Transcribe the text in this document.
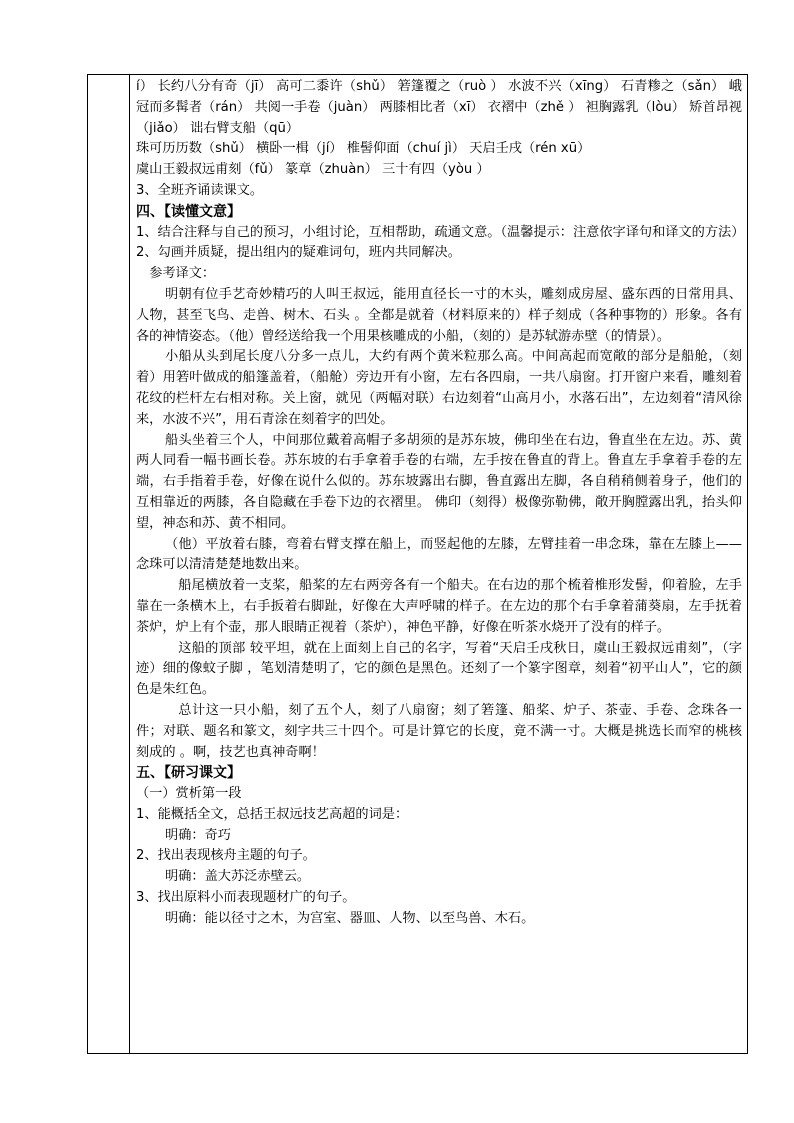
í） 长约八分有奇（jī） 高可二黍许（shǔ） 箬篷覆之（ruò ） 水波不兴（xīng） 石青糁之（sǎn） 峨冠而多髯者（rán） 共阅一手卷（juàn） 两膝相比者（xī） 衣褶中（zhě ） 袒胸露乳（lòu） 矫首昂视（jiǎo） 诎右臂支船（qū）

珠可历历数（shǔ） 横卧一楫（jí） 椎髻仰面（chuí jì） 天启壬戌（rén xū）

虞山王毅叔远甫刻（fǔ） 篆章（zhuàn） 三十有四（yòu ）

3、全班齐诵读课文。

四、【读懂文意】

1、结合注释与自己的预习，小组讨论，互相帮助，疏通文意。（温馨提示：注意依字译句和译文的方法）

2、勾画并质疑，提出组内的疑难词句，班内共同解决。

参考译文：

明朝有位手艺奇妙精巧的人叫王叔远，能用直径长一寸的木头，雕刻成房屋、盛东西的日常用具、人物，甚至飞鸟、走兽、树木、石头 。全都是就着（材料原来的）样子刻成（各种事物的）形象。各有各的神情姿态。（他）曾经送给我一个用果核雕成的小船，（刻的）是苏轼游赤壁（的情景）。

小船从头到尾长度八分多一点儿，大约有两个黄米粒那么高。中间高起而宽敞的部分是船舱，（刻着）用箬叶做成的船篷盖着，（船舱）旁边开有小窗，左右各四扇，一共八扇窗。打开窗户来看，雕刻着花纹的栏杆左右相对称。关上窗，就见（两幅对联）右边刻着“山高月小，水落石出”，左边刻着“清风徐来，水波不兴”，用石青涂在刻着字的凹处。

船头坐着三个人，中间那位戴着高帽子多胡须的是苏东坡，佛印坐在右边，鲁直坐在左边。苏、黄两人同看一幅书画长卷。苏东坡的右手拿着手卷的右端，左手按在鲁直的背上。鲁直左手拿着手卷的左端，右手指着手卷，好像在说什么似的。苏东坡露出右脚，鲁直露出左脚，各自稍稍侧着身子，他们的互相靠近的两膝，各自隐藏在手卷下边的衣褶里。 佛印（刻得）极像弥勒佛，敞开胸膛露出乳，抬头仰望，神态和苏、黄不相同。

（他）平放着右膝，弯着右臂支撑在船上，而竖起他的左膝，左臂挂着一串念珠，靠在左膝上——念珠可以清清楚楚地数出来。

船尾横放着一支桨，船桨的左右两旁各有一个船夫。在右边的那个梳着椎形发髻，仰着脸，左手靠在一条横木上，右手扳着右脚趾，好像在大声呼啸的样子。在左边的那个右手拿着蒲葵扇，左手抚着茶炉，炉上有个壶，那人眼睛正视着（茶炉），神色平静，好像在听茶水烧开了没有的样子。

这船的顶部 较平坦，就在上面刻上自己的名字，写着“天启壬戌秋日，虞山王毅叔远甫刻”，（字迹）细的像蚊子脚 ，笔划清楚明了，它的颜色是黑色。还刻了一个篆字图章，刻着“初平山人”，它的颜色是朱红色。

总计这一只小船，刻了五个人，刻了八扇窗；刻了箬篷、船桨、炉子、茶壶、手卷、念珠各一件；对联、题名和篆文，刻字共三十四个。可是计算它的长度，竟不满一寸。大概是挑选长而窄的桃核刻成的 。啊，技艺也真神奇啊！

五、【研习课文】

（一）赏析第一段

1、能概括全文，总括王叔远技艺高超的词是：

明确：奇巧

2、找出表现核舟主题的句子。

明确：盖大苏泛赤壁云。

3、找出原料小而表现题材广的句子。

明确：能以径寸之木，为宫室、器皿、人物、以至鸟兽、木石。
